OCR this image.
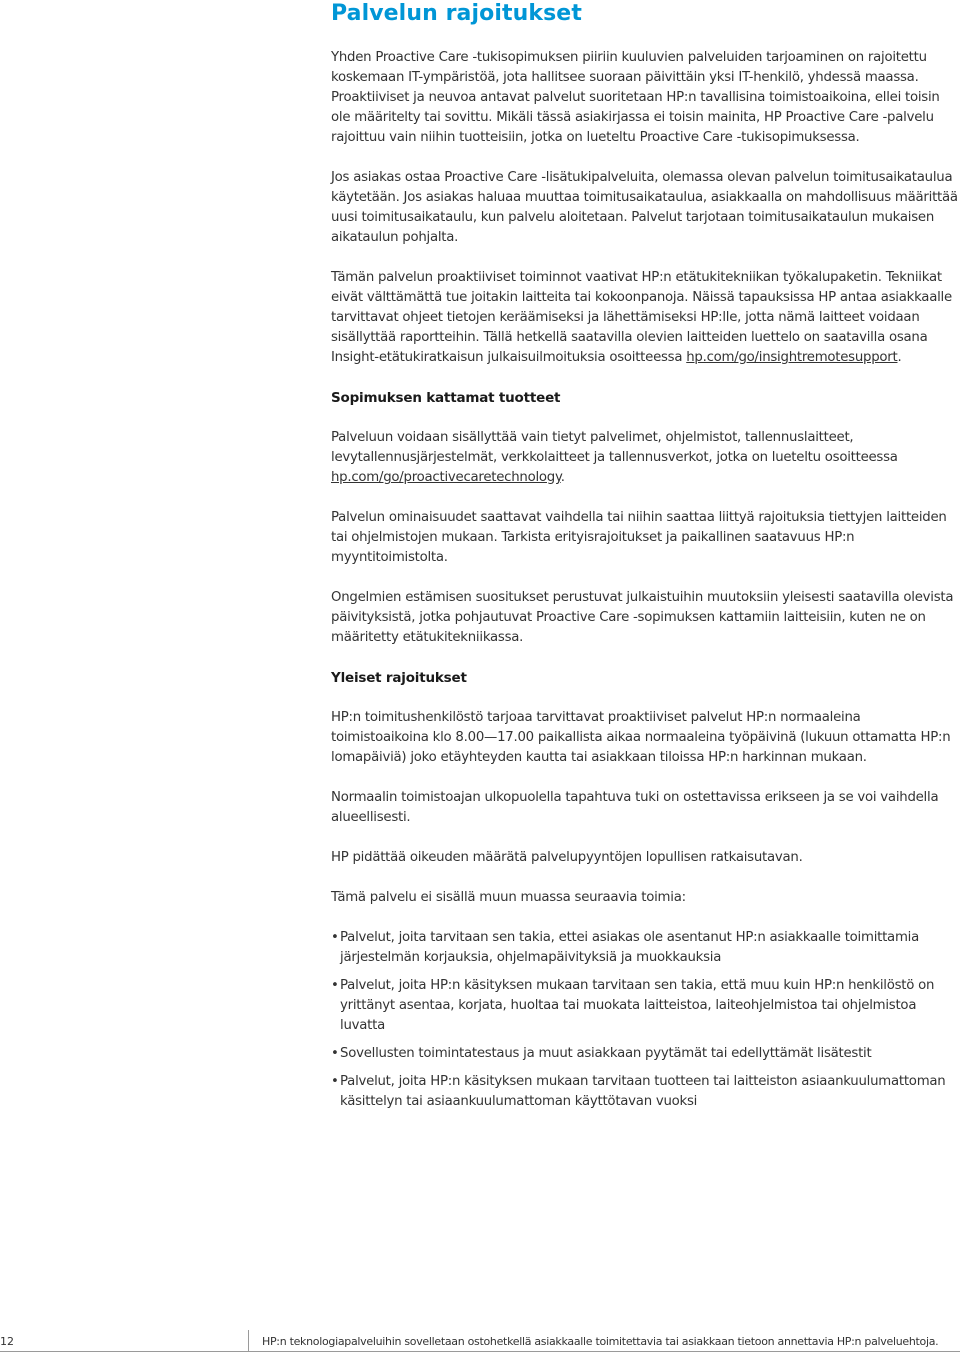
Palvelun rajoitukset

Yhden Proactive Care -tukisopimuksen piiriin kuuluvien palveluiden tarjoaminen on rajoitettu koskemaan IT-ympäristöä, jota hallitsee suoraan päivittäin yksi IT-henkilö, yhdessä maassa. Proaktiiviset ja neuvoa antavat palvelut suoritetaan HP:n tavallisina toimistoaikoina, ellei toisin ole määritelty tai sovittu. Mikäli tässä asiakirjassa ei toisin mainita, HP Proactive Care -palvelu rajoittuu vain niihin tuotteisiin, jotka on lueteltu Proactive Care -tukisopimuksessa.

Jos asiakas ostaa Proactive Care -lisätukipalveluita, olemassa olevan palvelun toimitusaikataulua käytetään. Jos asiakas haluaa muuttaa toimitusaikataulua, asiakkaalla on mahdollisuus määrittää uusi toimitusaikataulu, kun palvelu aloitetaan. Palvelut tarjotaan toimitusaikataulun mukaisen aikataulun pohjalta.

Tämän palvelun proaktiiviset toiminnot vaativat HP:n etätukitekniikan työkalupaketin. Tekniikat eivät välttämättä tue joitakin laitteita tai kokoonpanoja. Näissä tapauksissa HP antaa asiakkaalle tarvittavat ohjeet tietojen keräämiseksi ja lähettämiseksi HP:lle, jotta nämä laitteet voidaan sisällyttää raportteihin. Tällä hetkellä saatavilla olevien laitteiden luettelo on saatavilla osana Insight-etätukiratkaisun julkaisuilmoituksia osoitteessa hp.com/go/insightremotesupport.

Sopimuksen kattamat tuotteet

Palveluun voidaan sisällyttää vain tietyt palvelimet, ohjelmistot, tallennuslaitteet, levytallennusjärjestelmät, verkkolaitteet ja tallennusverkot, jotka on lueteltu osoitteessa hp.com/go/proactivecaretechnology.

Palvelun ominaisuudet saattavat vaihdella tai niihin saattaa liittyä rajoituksia tiettyjen laitteiden tai ohjelmistojen mukaan. Tarkista erityisrajoitukset ja paikallinen saatavuus HP:n myyntitoimistolta.

Ongelmien estämisen suositukset perustuvat julkaistuihin muutoksiin yleisesti saatavilla olevista päivityksistä, jotka pohjautuvat Proactive Care -sopimuksen kattamiin laitteisiin, kuten ne on määritetty etätukitekniikassa.

Yleiset rajoitukset

HP:n toimitushenkilöstö tarjoaa tarvittavat proaktiiviset palvelut HP:n normaaleina toimistoaikoina klo 8.00—17.00 paikallista aikaa normaaleina työpäivinä (lukuun ottamatta HP:n lomapäiviä) joko etäyhteyden kautta tai asiakkaan tiloissa HP:n harkinnan mukaan.

Normaalin toimistoajan ulkopuolella tapahtuva tuki on ostettavissa erikseen ja se voi vaihdella alueellisesti.

HP pidättää oikeuden määrätä palvelupyyntöjen lopullisen ratkaisutavan.

Tämä palvelu ei sisällä muun muassa seuraavia toimia:

• Palvelut, joita tarvitaan sen takia, ettei asiakas ole asentanut HP:n asiakkaalle toimittamia järjestelmän korjauksia, ohjelmapäivityksiä ja muokkauksia
• Palvelut, joita HP:n käsityksen mukaan tarvitaan sen takia, että muu kuin HP:n henkilöstö on yrittänyt asentaa, korjata, huoltaa tai muokata laitteistoa, laiteohjelmistoa tai ohjelmistoa luvatta
• Sovellusten toimintatestaus ja muut asiakkaan pyytämät tai edellyttämät lisätestit
• Palvelut, joita HP:n käsityksen mukaan tarvitaan tuotteen tai laitteiston asiaankuulumattoman käsittelyn tai asiaankuulumattoman käyttötavan vuoksi
12	HP:n teknologiapalveluihin sovelletaan ostohetkellä asiakkaalle toimitettavia tai asiakkaan tietoon annettavia HP:n palveluehtoja.
